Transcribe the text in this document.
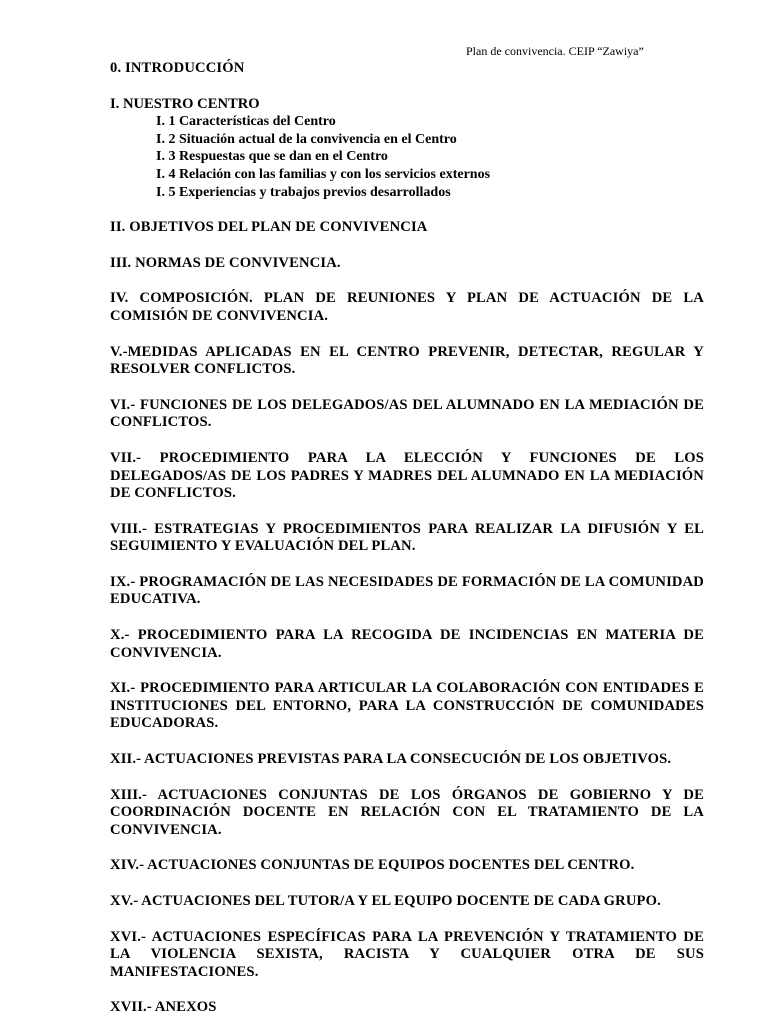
Plan de convivencia. CEIP “Zawiya”
0. INTRODUCCIÓN
I. NUESTRO CENTRO
I. 1 Características del Centro
I. 2 Situación actual de la convivencia en el Centro
I. 3 Respuestas que se dan en el Centro
I. 4 Relación con las familias y con los servicios externos
I. 5 Experiencias y trabajos previos desarrollados
II. OBJETIVOS DEL PLAN DE CONVIVENCIA
III. NORMAS DE CONVIVENCIA.
IV. COMPOSICIÓN. PLAN DE REUNIONES Y PLAN DE ACTUACIÓN DE LA COMISIÓN DE CONVIVENCIA.
V.-MEDIDAS APLICADAS EN EL CENTRO PREVENIR, DETECTAR, REGULAR Y RESOLVER CONFLICTOS.
VI.- FUNCIONES DE LOS DELEGADOS/AS DEL ALUMNADO EN LA MEDIACIÓN DE CONFLICTOS.
VII.- PROCEDIMIENTO PARA LA ELECCIÓN Y FUNCIONES DE LOS DELEGADOS/AS DE LOS PADRES Y MADRES DEL ALUMNADO EN LA MEDIACIÓN DE CONFLICTOS.
VIII.- ESTRATEGIAS Y PROCEDIMIENTOS PARA REALIZAR LA DIFUSIÓN Y EL SEGUIMIENTO Y EVALUACIÓN DEL PLAN.
IX.- PROGRAMACIÓN DE LAS NECESIDADES DE FORMACIÓN DE LA COMUNIDAD EDUCATIVA.
X.- PROCEDIMIENTO PARA LA RECOGIDA DE INCIDENCIAS EN MATERIA DE CONVIVENCIA.
XI.- PROCEDIMIENTO PARA ARTICULAR LA COLABORACIÓN CON ENTIDADES E INSTITUCIONES DEL ENTORNO, PARA LA CONSTRUCCIÓN DE COMUNIDADES EDUCADORAS.
XII.- ACTUACIONES PREVISTAS PARA LA CONSECUCIÓN DE LOS OBJETIVOS.
XIII.- ACTUACIONES CONJUNTAS DE LOS ÓRGANOS DE GOBIERNO Y DE COORDINACIÓN DOCENTE EN RELACIÓN CON EL TRATAMIENTO DE LA CONVIVENCIA.
XIV.- ACTUACIONES CONJUNTAS DE EQUIPOS DOCENTES DEL CENTRO.
XV.- ACTUACIONES DEL TUTOR/A Y EL EQUIPO DOCENTE DE CADA GRUPO.
XVI.- ACTUACIONES ESPECÍFICAS PARA LA PREVENCIÓN Y TRATAMIENTO DE LA VIOLENCIA SEXISTA, RACISTA Y CUALQUIER OTRA DE SUS MANIFESTACIONES.
XVII.- ANEXOS
